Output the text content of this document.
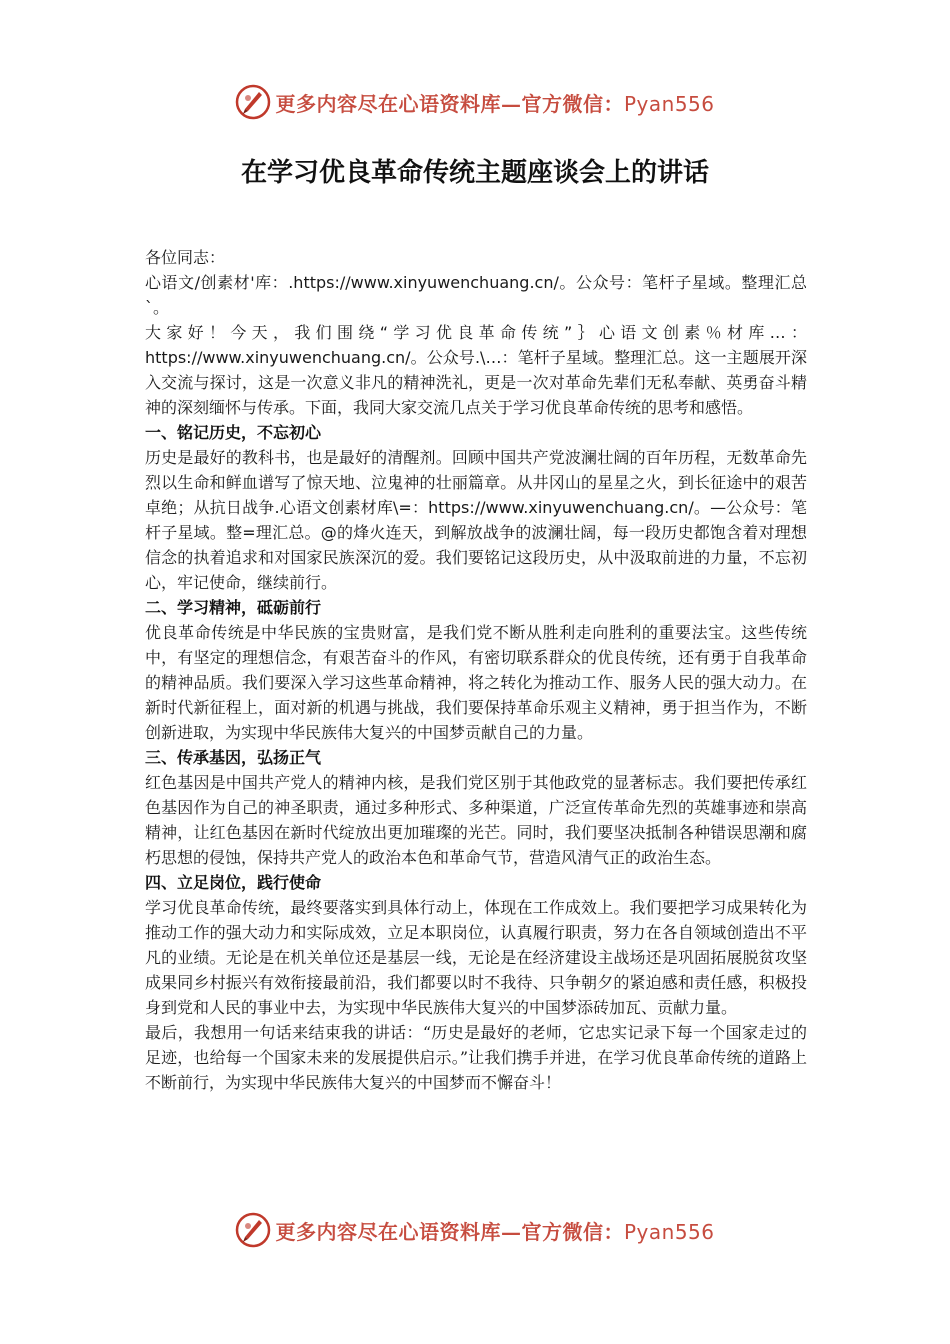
更多内容尽在心语资料库—官方微信：Pyan556
在学习优良革命传统主题座谈会上的讲话

各位同志：

心语文/创素材'库：.https://www.xinyuwenchuang.cn/。公众号：笔杆子星域。整理汇总`。

大家好！今天，我们围绕“学习优良革命传统”｝心语文创素％材库…：https://www.xinyuwenchuang.cn/。公众号.\…：笔杆子星域。整理汇总。这一主题展开深入交流与探讨，这是一次意义非凡的精神洗礼，更是一次对革命先辈们无私奉献、英勇奋斗精神的深刻缅怀与传承。下面，我同大家交流几点关于学习优良革命传统的思考和感悟。

一、铭记历史，不忘初心

历史是最好的教科书，也是最好的清醒剂。回顾中国共产党波澜壮阔的百年历程，无数革命先烈以生命和鲜血谱写了惊天地、泣鬼神的壮丽篇章。从井冈山的星星之火，到长征途中的艰苦卓绝；从抗日战争.心语文创素材库\=：https://www.xinyuwenchuang.cn/。—公众号：笔杆子星域。整=理汇总。@的烽火连天，到解放战争的波澜壮阔，每一段历史都饱含着对理想信念的执着追求和对国家民族深沉的爱。我们要铭记这段历史，从中汲取前进的力量，不忘初心，牢记使命，继续前行。

二、学习精神，砥砺前行

优良革命传统是中华民族的宝贵财富，是我们党不断从胜利走向胜利的重要法宝。这些传统中，有坚定的理想信念，有艰苦奋斗的作风，有密切联系群众的优良传统，还有勇于自我革命的精神品质。我们要深入学习这些革命精神，将之转化为推动工作、服务人民的强大动力。在新时代新征程上，面对新的机遇与挑战，我们要保持革命乐观主义精神，勇于担当作为，不断创新进取，为实现中华民族伟大复兴的中国梦贡献自己的力量。

三、传承基因，弘扬正气

红色基因是中国共产党人的精神内核，是我们党区别于其他政党的显著标志。我们要把传承红色基因作为自己的神圣职责，通过多种形式、多种渠道，广泛宣传革命先烈的英雄事迹和崇高精神，让红色基因在新时代绽放出更加璀璨的光芒。同时，我们要坚决抵制各种错误思潮和腐朽思想的侵蚀，保持共产党人的政治本色和革命气节，营造风清气正的政治生态。

四、立足岗位，践行使命

学习优良革命传统，最终要落实到具体行动上，体现在工作成效上。我们要把学习成果转化为推动工作的强大动力和实际成效，立足本职岗位，认真履行职责，努力在各自领域创造出不平凡的业绩。无论是在机关单位还是基层一线，无论是在经济建设主战场还是巩固拓展脱贫攻坚成果同乡村振兴有效衔接最前沿，我们都要以时不我待、只争朝夕的紧迫感和责任感，积极投身到党和人民的事业中去，为实现中华民族伟大复兴的中国梦添砖加瓦、贡献力量。

最后，我想用一句话来结束我的讲话：“历史是最好的老师，它忠实记录下每一个国家走过的足迹，也给每一个国家未来的发展提供启示。”让我们携手并进，在学习优良革命传统的道路上不断前行，为实现中华民族伟大复兴的中国梦而不懈奋斗！

更多内容尽在心语资料库—官方微信：Pyan556
